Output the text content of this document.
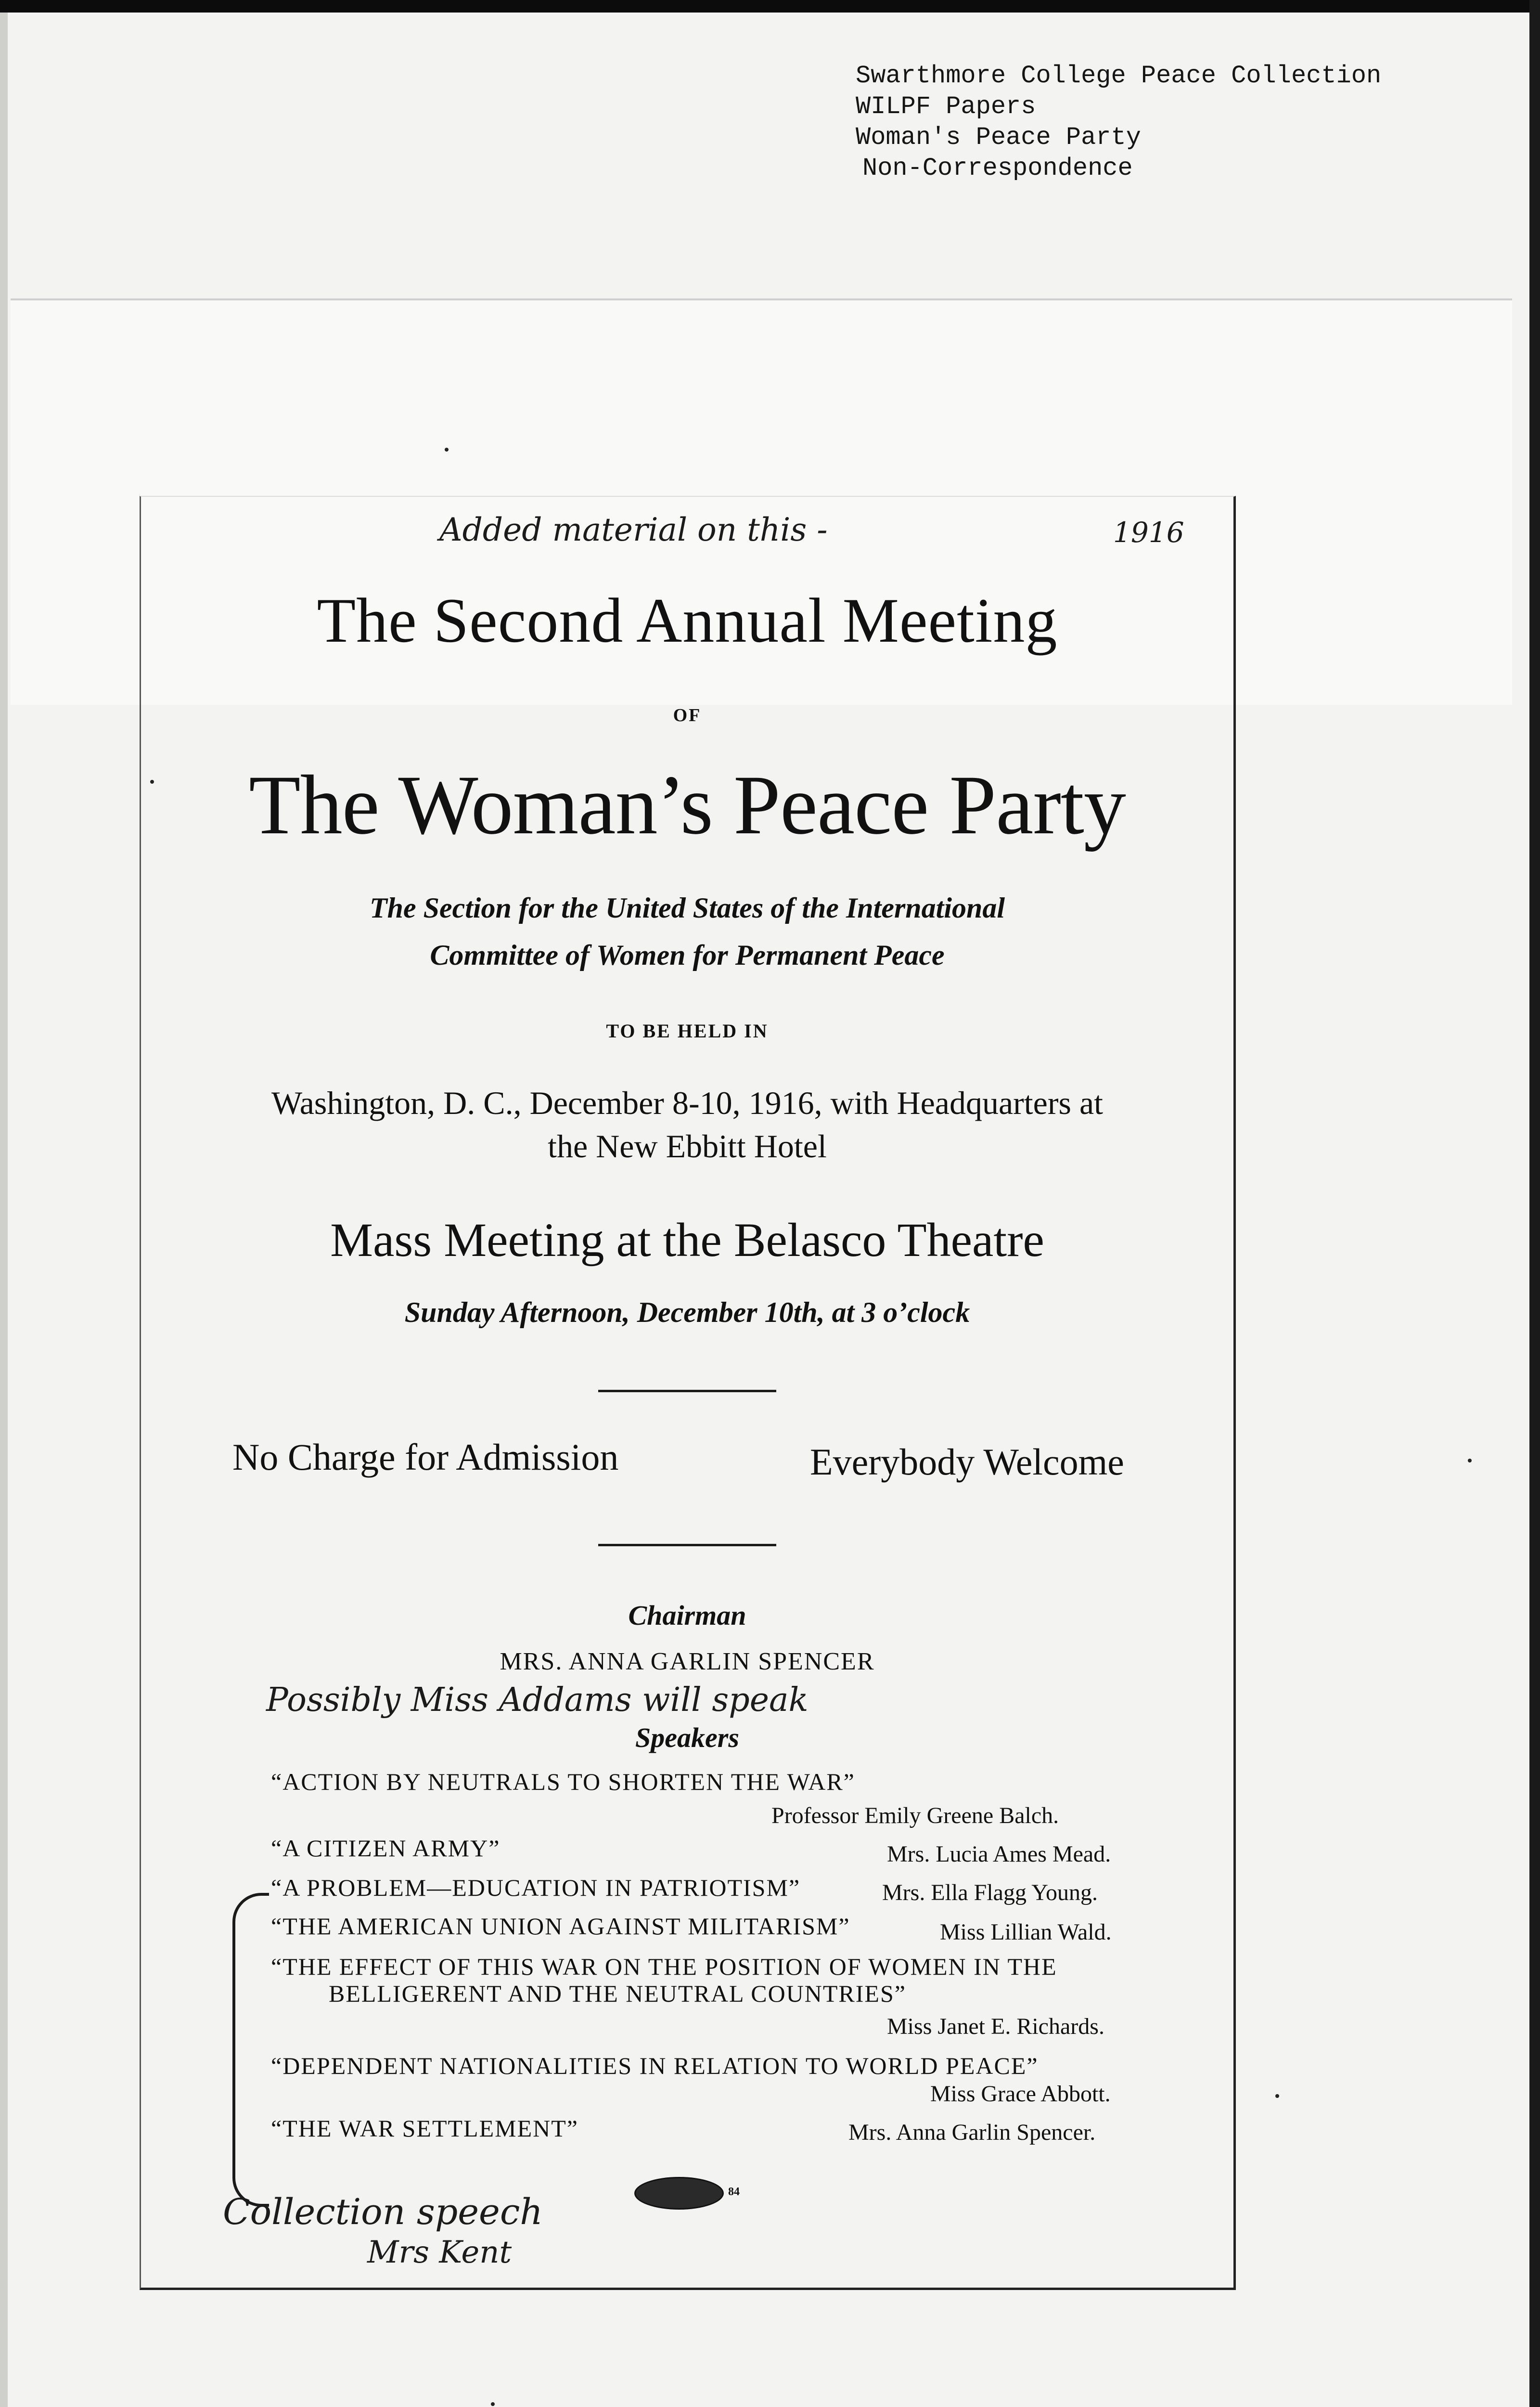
Swarthmore College Peace Collection
WILPF Papers
Woman's Peace Party
Non-Correspondence
Added material on this -	1916
The Second Annual Meeting
OF
The Woman’s Peace Party
The Section for the United States of the International
Committee of Women for Permanent Peace
TO BE HELD IN
Washington, D. C., December 8-10, 1916, with Headquarters at
the New Ebbitt Hotel
Mass Meeting at the Belasco Theatre
Sunday Afternoon, December 10th, at 3 o’clock
No Charge for Admission	Everybody Welcome
Chairman
MRS. ANNA GARLIN SPENCER
Possibly Miss Addams will speak
Speakers
“ACTION BY NEUTRALS TO SHORTEN THE WAR”
Professor Emily Greene Balch.
“A CITIZEN ARMY”	Mrs. Lucia Ames Mead.
“A PROBLEM—EDUCATION IN PATRIOTISM”	Mrs. Ella Flagg Young.
“THE AMERICAN UNION AGAINST MILITARISM”	Miss Lillian Wald.
“THE EFFECT OF THIS WAR ON THE POSITION OF WOMEN IN THE
BELLIGERENT AND THE NEUTRAL COUNTRIES”
Miss Janet E. Richards.
“DEPENDENT NATIONALITIES IN RELATION TO WORLD PEACE”
Miss Grace Abbott.
“THE WAR SETTLEMENT”	Mrs. Anna Garlin Spencer.
84
Collection speech
Mrs Kent
